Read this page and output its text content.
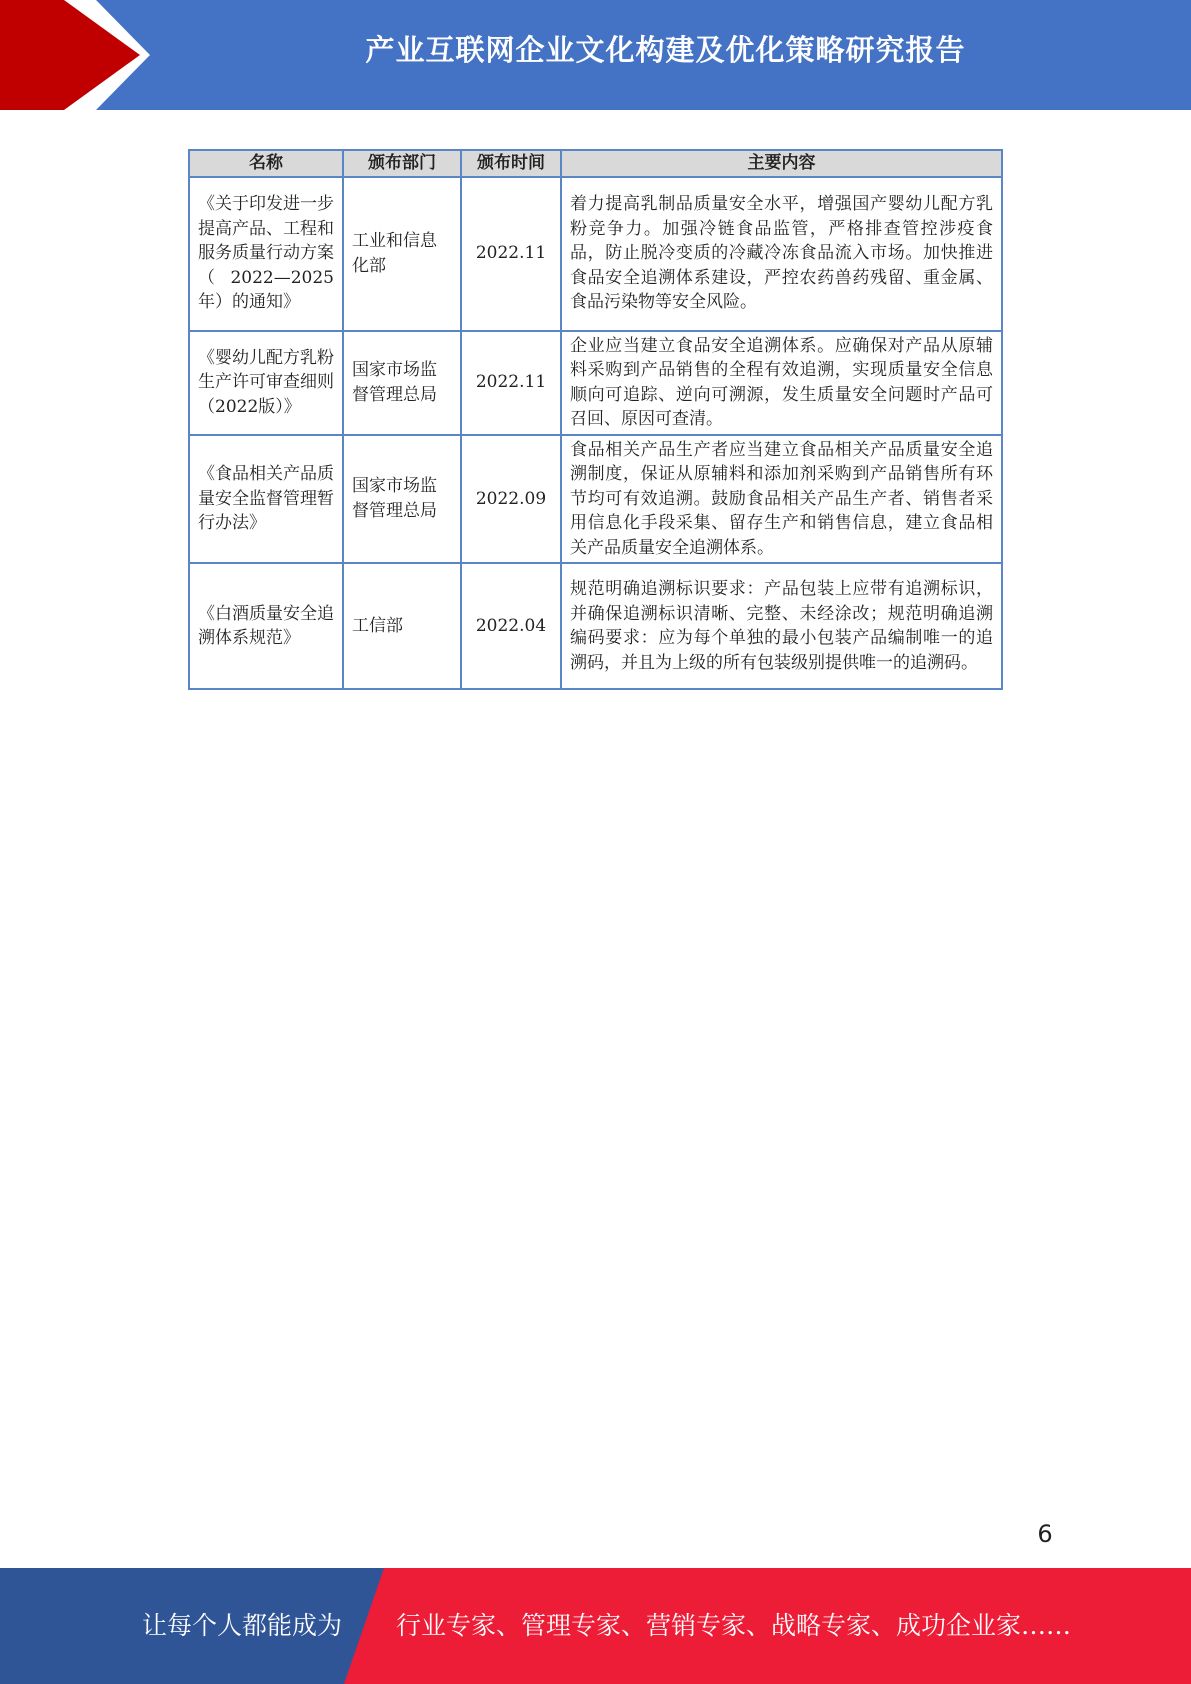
产业互联网企业文化构建及优化策略研究报告
名称	颁布部门	颁布时间	主要内容
《关于印发进一步提高产品、工程和服务质量行动方案（2022—2025年）的通知》	工业和信息化部	2022.11	着力提高乳制品质量安全水平，增强国产婴幼儿配方乳粉竞争力。加强冷链食品监管，严格排查管控涉疫食品，防止脱冷变质的冷藏冷冻食品流入市场。加快推进食品安全追溯体系建设，严控农药兽药残留、重金属、食品污染物等安全风险。
《婴幼儿配方乳粉生产许可审查细则（2022版）》	国家市场监督管理总局	2022.11	企业应当建立食品安全追溯体系。应确保对产品从原辅料采购到产品销售的全程有效追溯，实现质量安全信息顺向可追踪、逆向可溯源，发生质量安全问题时产品可召回、原因可查清。
《食品相关产品质量安全监督管理暂行办法》	国家市场监督管理总局	2022.09	食品相关产品生产者应当建立食品相关产品质量安全追溯制度，保证从原辅料和添加剂采购到产品销售所有环节均可有效追溯。鼓励食品相关产品生产者、销售者采用信息化手段采集、留存生产和销售信息，建立食品相关产品质量安全追溯体系。
《白酒质量安全追溯体系规范》	工信部	2022.04	规范明确追溯标识要求：产品包装上应带有追溯标识，并确保追溯标识清晰、完整、未经涂改；规范明确追溯编码要求：应为每个单独的最小包装产品编制唯一的追溯码，并且为上级的所有包装级别提供唯一的追溯码。
6
让每个人都能成为 行业专家、管理专家、营销专家、战略专家、成功企业家……
